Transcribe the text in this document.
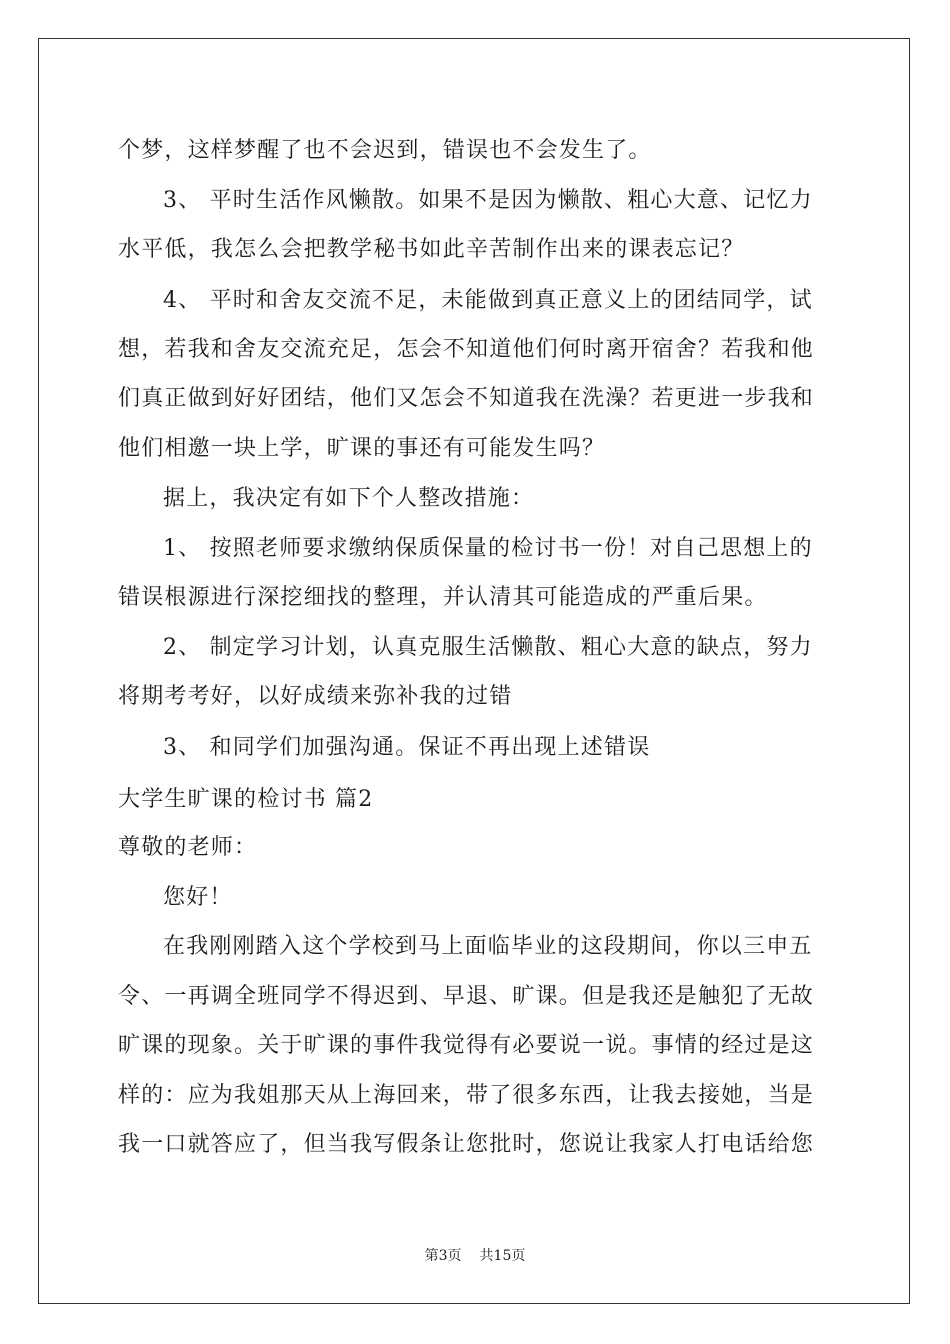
个梦，这样梦醒了也不会迟到，错误也不会发生了。
3、 平时生活作风懒散。如果不是因为懒散、粗心大意、记忆力
水平低，我怎么会把教学秘书如此辛苦制作出来的课表忘记？
4、 平时和舍友交流不足，未能做到真正意义上的团结同学，试
想，若我和舍友交流充足，怎会不知道他们何时离开宿舍？若我和他
们真正做到好好团结，他们又怎会不知道我在洗澡？若更进一步我和
他们相邀一块上学，旷课的事还有可能发生吗？
据上，我决定有如下个人整改措施：
1、 按照老师要求缴纳保质保量的检讨书一份！对自己思想上的
错误根源进行深挖细找的整理，并认清其可能造成的严重后果。
2、 制定学习计划，认真克服生活懒散、粗心大意的缺点，努力
将期考考好，以好成绩来弥补我的过错
3、 和同学们加强沟通。保证不再出现上述错误
大学生旷课的检讨书 篇2
尊敬的老师：
您好！
在我刚刚踏入这个学校到马上面临毕业的这段期间，你以三申五
令、一再调全班同学不得迟到、早退、旷课。但是我还是触犯了无故
旷课的现象。关于旷课的事件我觉得有必要说一说。事情的经过是这
样的：应为我姐那天从上海回来，带了很多东西，让我去接她，当是
我一口就答应了，但当我写假条让您批时，您说让我家人打电话给您
第3页 共15页
